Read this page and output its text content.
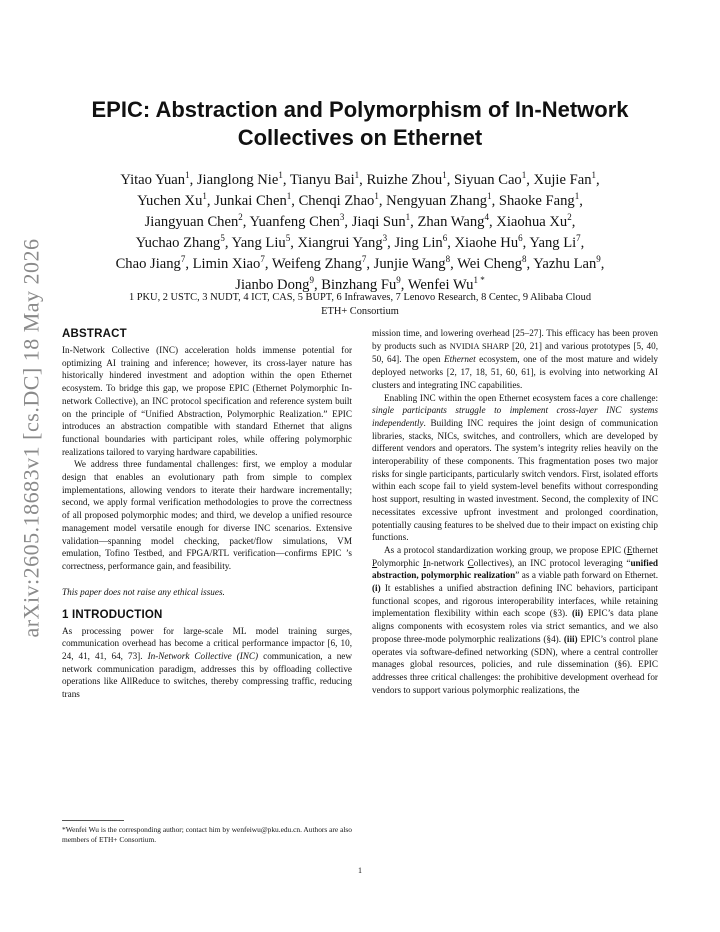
arXiv:2605.18683v1 [cs.DC] 18 May 2026
EPIC: Abstraction and Polymorphism of In-Network
Collectives on Ethernet
Yitao Yuan$^1$, Jianglong Nie$^1$, Tianyu Bai$^1$, Ruizhe Zhou$^1$, Siyuan Cao$^1$, Xujie Fan$^1$,
Yuchen Xu$^1$, Junkai Chen$^1$, Chenqi Zhao$^1$, Nengyuan Zhang$^1$, Shaoke Fang$^1$,
Jiangyuan Chen$^2$, Yuanfeng Chen$^3$, Jiaqi Sun$^1$, Zhan Wang$^4$, Xiaohua Xu$^2$,
Yuchao Zhang$^5$, Yang Liu$^5$, Xiangrui Yang$^3$, Jing Lin$^6$, Xiaohe Hu$^6$, Yang Li$^7$,
Chao Jiang$^7$, Limin Xiao$^7$, Weifeng Zhang$^7$, Junjie Wang$^8$, Wei Cheng$^8$, Yazhu Lan$^9$,
Jianbo Dong$^9$, Binzhang Fu$^9$, Wenfei $Wu^{1 *}$
1 PKU, 2 USTC, 3 NUDT, 4 ICT, CAS, 5 BUPT, 6 Infrawaves, 7 Lenovo Research, 8 Centec, 9 Alibaba Cloud
ETH+ Consortium
ABSTRACT

In-Network Collective (INC) acceleration holds immense potential for optimizing AI training and inference; however, its cross-layer nature has historically hindered investment and adoption within the open Ethernet ecosystem. To bridge this gap, we propose EPIC (Ethernet Polymorphic In-network Collective), an INC protocol specification and reference system built on the principle of “Unified Abstraction, Polymorphic Realization.” EPIC introduces an abstraction compatible with standard Ethernet that aligns functional boundaries with participant roles, while offering polymorphic realizations tailored to varying hardware capabilities.

We address three fundamental challenges: first, we employ a modular design that enables an evolutionary path from simple to complex implementations, allowing vendors to iterate their hardware incrementally; second, we apply formal verification methodologies to prove the correctness of all proposed polymorphic modes; and third, we develop a unified resource management model versatile enough for diverse INC scenarios. Extensive validation—spanning model checking, packet/flow simulations, VM emulation, Tofino Testbed, and FPGA/RTL verification—confirms EPIC ’s correctness, performance gain, and feasibility.

This paper does not raise any ethical issues.

1 INTRODUCTION

As processing power for large-scale ML model training surges, communication overhead has become a critical performance impactor [6, 10, 24, 41, 41, 64, 73]. In-Network Collective (INC) communication, a new network communication paradigm, addresses this by offloading collective operations like AllReduce to switches, thereby compressing traffic, reducing trans

mission time, and lowering overhead [25–27]. This efficacy has been proven by products such as NVIDIA SHARP [20, 21] and various prototypes [5, 40, 50, 64]. The open Ethernet ecosystem, one of the most mature and widely deployed networks [2, 17, 18, 51, 60, 61], is evolving into networking AI clusters and integrating INC capabilities.

Enabling INC within the open Ethernet ecosystem faces a core challenge: single participants struggle to implement cross-layer INC systems independently. Building INC requires the joint design of communication libraries, stacks, NICs, switches, and controllers, which are developed by different vendors and operators. The system’s integrity relies heavily on the interoperability of these components. This fragmentation poses two major risks for single participants, particularly switch vendors. First, isolated efforts within each scope fail to yield system-level benefits without corresponding host support, resulting in wasted investment. Second, the complexity of INC necessitates excessive upfront investment and prolonged coordination, potentially causing features to be shelved due to their impact on existing chip functions.

As a protocol standardization working group, we propose EPIC (Ethernet Polymorphic In-network Collectives), an INC protocol leveraging “unified abstraction, polymorphic realization” as a viable path forward on Ethernet. (i) It establishes a unified abstraction defining INC behaviors, participant functional scopes, and rigorous interoperability interfaces, while retaining implementation flexibility within each scope (§3). (ii) EPIC’s data plane aligns components with ecosystem roles via strict semantics, and we also propose three-mode polymorphic realizations (§4). (iii) EPIC’s control plane operates via software-defined networking (SDN), where a central controller manages global resources, policies, and rule dissemination (§6). EPIC addresses three critical challenges: the prohibitive development overhead for vendors to support various polymorphic realizations, the

*Wenfei Wu is the corresponding author; contact him by wenfeiwu@pku.edu.cn. Authors are also members of ETH+ Consortium.
1
